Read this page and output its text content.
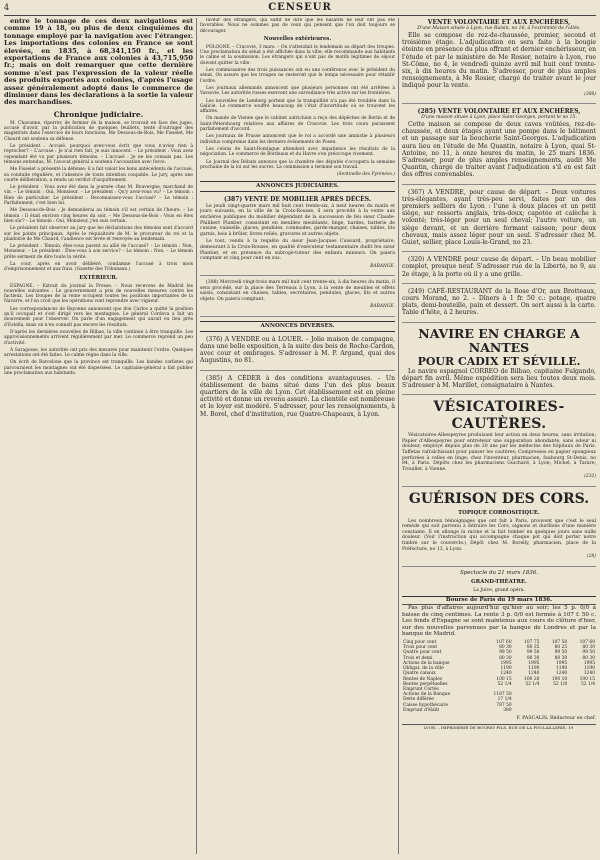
4	CENSEUR

entre le tonnage de ces deux navigations est comme 19 à 18, ou plus de deux cinquièmes du tonnage employé par la navigation avec l'étranger. Les importations des colonies en France se sont élevées, en 1835, à 68,341,150 fr., et les exportations de France aux colonies à 43,715,950 fr.; mais on doit remarquer que cette dernière somme n'est pas l'expression de la valeur réelle des produits exportés aux colonies, d'après l'usage assez généralement adopté dans le commerce de diminuer dans les déclarations à la sortie la valeur des marchandises.

Chronique judiciaire.

M. Chavanne, riperrer, de fermier de la maison, se trouvait en face des juges, accusé d'avoir, par la publication de quelques feuillets, tenté d'outrager des magistrats dans l'exercice de leurs fonctions. Me Dessous-de-Bois, Me Fisselet, Me Chaurd ont soutenu sa défense.

Le président : Accusé, pourquoi avez-vous écrit que vous n'aviez rien à reprocher? – L'accusé : Je n'ai rien fait, je suis innocent. – Le président : Vous avez cependant été vu par plusieurs témoins. – L'accusé : Je ne les connais pas. Les témoins entendus, M. l'avocat général a soutenu l'accusation avec force.

Me Fisselet a présenté la défense; il a fait valoir les bons antécédents de l'accusé, sa conduite régulière, et l'absence de toute intention coupable. Le jury, après une courte délibération, a rendu un verdict d'acquittement.

Le président : Vous avez été dans la journée chez M. Bouvergne, marchand de vin. – Le témoin : Oui, Monsieur. – Le président : Qu'y avez-vous vu? – Le témoin : Rien de particulier. Le président : Reconnaissez-vous l'accusé? – Le témoin : Parfaitement, c'est bien lui.

Me Dessous-de-Bois : Je demanderai au témoin s'il est certain de l'heure. – Le témoin : Il était environ cinq heures du soir. – Me Dessous-de-Bois : Vous en êtes bien sûr? – Le témoin : Oui, Monsieur, j'en suis certain.

Le président fait observer au jury que les déclarations des témoins sont d'accord sur les points principaux. Après le réquisitoire de M. le procureur du roi et la plaidoirie de Me Chaurd, l'audience est levée et renvoyée au lendemain.

Le président : Témoin, êtes-vous parent ou allié de l'accusé? – Le témoin : Non, Monsieur. – Le président : Êtes-vous à son service? – Le témoin : Non. – Le témoin prête serment de dire toute la vérité.

La cour, après en avoir délibéré, condamne l'accusé à trois mois d'emprisonnement et aux frais. (Gazette des Tribunaux.)

EXTÉRIEUR.

ESPAGNE. – Extrait du journal la Presse. – Nous recevons de Madrid les nouvelles suivantes : Le gouvernement a pris de nouvelles mesures contre les factieux. Les troupes de la reine occupent toutes les positions importantes de la Navarre, et l'on croit que les opérations vont reprendre avec vigueur.

Les correspondances de Bayonne annoncent que don Carlos a quitté la position qu'il occupait et s'est dirigé vers les montagnes. Le général Cordova a fait un mouvement pour l'observer. On parle d'un engagement qui aurait eu lieu près d'Estella, mais on n'en connaît pas encore les résultats.

D'après les dernières nouvelles de Bilbao, la ville continue à être tranquille. Les approvisionnements arrivent régulièrement par mer. Le commerce reprend un peu d'activité.

À Saragosse, les autorités ont pris des mesures pour maintenir l'ordre. Quelques arrestations ont été faites. Le calme règne dans la ville.

On écrit de Barcelone que la province est tranquille. Les bandes carlistes qui parcouraient les montagnes ont été dispersées. Le capitaine-général a fait publier une proclamation aux habitants.

faveur des étrangers, qui suffit de dire que les hasards ne leur ont pas été favorables. Nous ne sommes pas de ceux qui pensent que l'on doit toujours se décourager.

Nouvelles extérieures.

POLOGNE. – Cracovie, 3 mars. – On s'attendait le lendemain au départ des troupes. Une proclamation du sénat a été affichée dans la ville; elle recommande aux habitants le calme et la soumission. Les étrangers qui n'ont pas de motifs légitimes de séjour doivent quitter la ville.

Les commissaires des trois puissances ont eu une conférence avec le président du sénat. On assure que les troupes ne resteront que le temps nécessaire pour rétablir l'ordre.

Les journaux allemands annoncent que plusieurs personnes ont été arrêtées à Varsovie. Les autorités russes exercent une surveillance très active sur les frontières.

Les nouvelles de Lemberg portent que la tranquillité n'a pas été troublée dans la Galicie. Le commerce souffre beaucoup de l'état d'incertitude où se trouvent les affaires.

On mande de Vienne que le cabinet autrichien a reçu des dépêches de Berlin et de Saint-Pétersbourg relatives aux affaires de Cracovie. Les trois cours paraissent parfaitement d'accord.

Les journaux de Prusse annoncent que le roi a accordé une amnistie à plusieurs individus compromis dans les derniers événements de Posen.

Les colons de Saint-Domingue attendent avec impatience les résultats de la négociation. Le commerce de Bordeaux et du Havre s'en préoccupe vivement.

Le Journal des Débats annonce que la chambre des députés s'occupera la semaine prochaine de la loi sur les sucres. La commission a terminé son travail.

(Sentinelle des Pyrénées.)
ANNONCES JUDICIAIRES.
(387) VENTE DE MOBILIER APRÈS DÉCÈS.

Le jeudi vingt-quatre mars mil huit cent trente-six, à neuf heures du matin et jours suivants, en la ville de la Croix-Rousse, il sera procédé à la vente aux enchères publiques du mobilier dépendant de la succession de feu sieur Claude-Philibert Plantier, consistant en meubles meublants, linge, hardes, batterie de cuisine, vaisselle, glaces, pendules, commodes, garde-manger, chaises, tables, lits garnis, bois à brûler, livres reliés, gravures et autres objets.

Le tout, vendu à la requête du sieur Jean-Jacques Cuissard, propriétaire, demeurant à la Croix-Rousse, en qualité d'exécuteur testamentaire dudit feu sieur Plantier, et en présence du subrogé-tuteur des enfants mineurs. On paiera comptant et cinq pour cent en sus.

BARANGE.

(388) Mercredi vingt-trois mars mil huit cent trente-six, à dix heures du matin, il sera procédé, sur la place des Terreaux à Lyon, à la vente de meubles et effets saisis, consistant en chaises, tables, secrétaires, pendules, glaces, lits et autres objets. On paiera comptant.

BARANGE.
ANNONCES DIVERSES.

(376) A VENDRE ou à LOUER. – Jolie maison de campagne, dans une belle exposition, à la suite des bois de Roche-Cardon, avec cour et ombrages. S'adresser à M. P. Argand, quai des Augustins, no 81.

(385) A CÉDER à des conditions avantageuses. – Un établissement de bains situé dans l'un des plus beaux quartiers de la ville de Lyon. Cet établissement est en pleine activité et donne un revenu assuré. La clientèle est nombreuse et le loyer est modéré. S'adresser, pour les renseignements, à M. Borel, chef d'institution, rue Quatre-Chapeaux, à Lyon.

VENTE VOLONTAIRE ET AUX ENCHÈRES,
D'une Maison située à Lyon, rue Raisin, no 16, à l'extrémité de l'allée.

Elle se compose de rez-de-chaussée, premier, second et troisième étage. L'adjudication en sera faite à la bougie éteinte en présence du plus offrant et dernier enchérisseur, en l'étude et par le ministère de Me Rosier, notaire à Lyon, rue St-Côme, no 4, le vendredi quinze avril mil huit cent trente-six, à dix heures du matin. S'adresser, pour de plus amples renseignements, à Me Rosier, chargé de traiter avant le jour indiqué pour la vente.

(386)
(285) VENTE VOLONTAIRE ET AUX ENCHÈRES,
D'une maison située à Lyon, place Saint-Georges, portant le no 15.

Cette maison se compose de deux caves voûtées, rez-de-chaussée, et deux étages ayant une pompe dans le bâtiment et un passage sur la boucherie Saint-Georges. L'adjudication aura lieu en l'étude de Me Quantin, notaire à Lyon, quai St-Antoine, no 11, à onze heures du matin, le 25 mars 1836. S'adresser, pour de plus amples renseignements, audit Me Quantin, chargé de traiter avant l'adjudication s'il en est fait des offres convenables.

(367) A VENDRE, pour cause de départ. – Deux voitures très-élégantes, ayant très-peu servi, faites par un des premiers selliers de Lyon : l'une à deux places et un petit siège, sur ressorts anglais, très-doux; capotée et calèche à volonté; très-léger pour un seul cheval; l'autre voiture, un siège devant, et un derrière formant caisson; pour deux chevaux, mais assez léger pour un seul. S'adresser chez M. Guiet, sellier, place Louis-le-Grand, no 23.

(320) A VENDRE pour cause de départ. – Un beau mobilier complet, presque neuf. S'adresser rue de la Liberté, no 9, au 2e étage, à la porte où il y a une grille.

(249) CAFÉ-RESTAURANT de la Rose d'Or, aux Brotteaux, cours Morand, no 2. – Dîners à 1 fr. 50 c.: potage, quatre plats, demi-bouteille, pain et dessert. On sert aussi à la carte. Table d'hôte, à 2 heures.

NAVIRE EN CHARGE A NANTES
POUR CADIX ET SÉVILLE.

Le navire espagnol CORREO de Bilbao, capitaine Fulgando, départ fin avril. Même expédition sera lieu toutes deux mois. S'adresser à M. Marillet, consignataire à Nantes.

VÉSICATOIRES-CAUTÈRES.

Vésicatoires-Albespeyres produisant leur action en deux heures, sans irritation; Papier d'Albespeyres pour entretenir une suppuration abondante, sans odeur ni douleur, employé depuis plus de 20 ans par les médecins des hôpitaux de Paris. Taffetas rafraîchissant pour panser les cautères; Compresses en papier spongieux perforées à celles en linge; chez l'inventeur, pharmacien, faubourg St-Denis, no 84, à Paris. Dépôts chez les pharmaciens Guichard, à Lyon; Michel, à Tarare; Trouillet, à Vienne.

(232)
GUÉRISON DES CORS.
TOPIQUE CORROSITIQUE.

Les nombreux témoignages que ont fait à Paris, prouvent que c'est le seul remède qui soit parvenu à détruire les Cors, oignons et durillons d'une manière constante. Il en allonge la racine et la fait tomber en quelques jours sans nulle douleur. (Voir l'instruction qui accompagne chaque pot qui doit porter notre timbre sur le couvercle.) Dépôt chez M. Borelly, pharmacien, place de la Préfecture, no 13, à Lyon.

(28)
Spectacle du 21 mars 1836.
GRAND-THÉATRE.
La Juive, grand opéra.
Bourse de Paris du 19 mars 1836.

Pas plus d'affaires aujourd'hui qu'hier au soir; les 5 p. 0/0 à baisse de cinq centimes. La rente 3 p. 0/0 est fermée à 107 f. 50 c. Les fonds d'Espagne se sont maintenus aux cours de clôture d'hier, sur des nouvelles parvenues par la banque de Londres et par la banque de Madrid.

Cinq pour cent	107 60	107 75	107 50	107 60
Trois pour cent	80 30	80 35	80 25	80 30
Quatre pour cent	99 50	99 50	99 50	99 50
Trois et demi	80 30	80 30	80 30	80 30
Actions de la banque	1995	1995	1995	1995
Obligat. de la ville	1190	1190	1190	1190
Quatre canaux	1240	1240	1240	1240
Rentes de Naples	100 15	100 20	100 10	100 15
Rentes perpétuelles	52 1/4	52 1/4	52 1/8	52 1/4
Emprunt Cortès				
Actions de la Banque	1187 50			
Dette différée	17 1/4			
Caisse hypothécaire	787 50			
Emprunt d'Haïti	380			
F. PASCALIS, Rédacteur en chef.
LYON. – IMPRIMERIE DE BOURSY FILS, RUE DE LA POULAILLERIE, 19.
